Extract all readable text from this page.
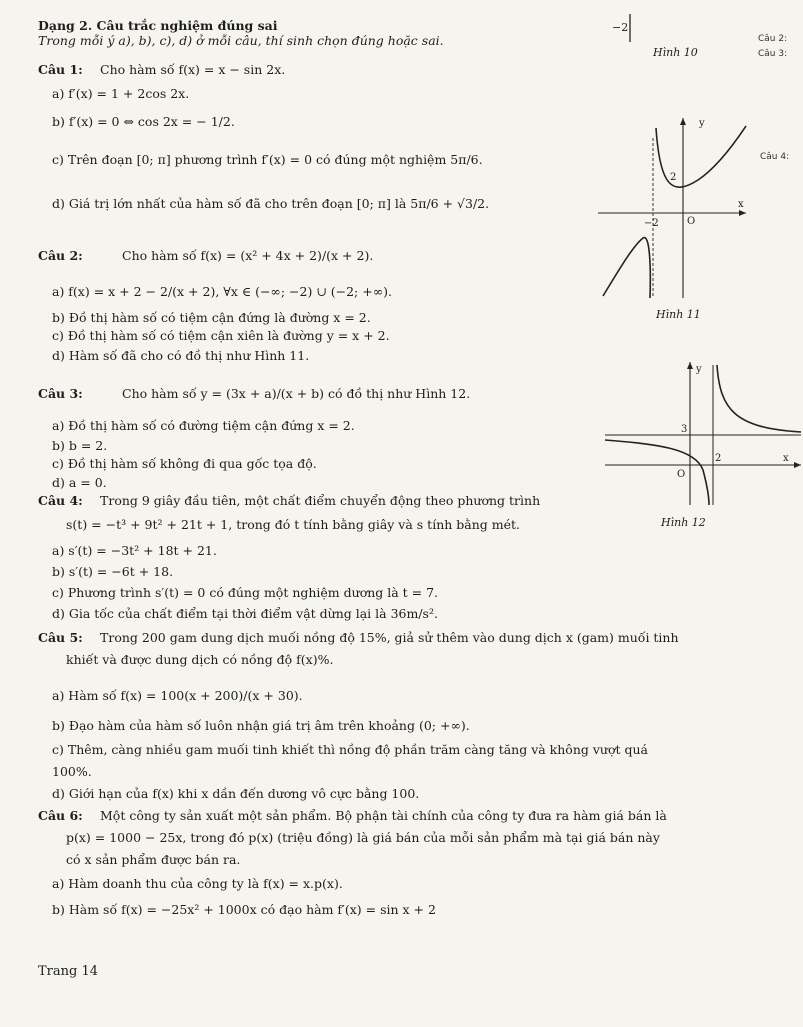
Dạng 2. Câu trắc nghiệm đúng sai
Trong mỗi ý a), b), c), d) ở mỗi câu, thí sinh chọn đúng hoặc sai.	Câu 2:
Câu 3:
Câu 4:
−2
Hình 10
Câu 1: Cho hàm số f(x) = x − sin 2x.
a) f′(x) = 1 + 2cos 2x.
b) f′(x) = 0 ⇔ cos 2x = − 1/2.
c) Trên đoạn [0; π] phương trình f′(x) = 0 có đúng một nghiệm 5π/6.
d) Giá trị lớn nhất của hàm số đã cho trên đoạn [0; π] là 5π/6 + √3/2.
y
2
−2	O
x
Hình 11
Câu 2:	Cho hàm số f(x) = (x² + 4x + 2)/(x + 2).
a) f(x) = x + 2 − 2/(x + 2), ∀x ∈ (−∞; −2) ∪ (−2; +∞).
b) Đồ thị hàm số có tiệm cận đứng là đường x = 2.
c) Đồ thị hàm số có tiệm cận xiên là đường y = x + 2.
d) Hàm số đã cho có đồ thị như Hình 11.
y
3
2	x
O
Hình 12
Câu 3:	Cho hàm số y = (3x + a)/(x + b) có đồ thị như Hình 12.
a) Đồ thị hàm số có đường tiệm cận đứng x = 2.
b) b = 2.
c) Đồ thị hàm số không đi qua gốc tọa độ.
d) a = 0.
Câu 4: Trong 9 giây đầu tiên, một chất điểm chuyển động theo phương trình
s(t) = −t³ + 9t² + 21t + 1, trong đó t tính bằng giây và s tính bằng mét.
a) s′(t) = −3t² + 18t + 21.
b) s′(t) = −6t + 18.
c) Phương trình s′(t) = 0 có đúng một nghiệm dương là t = 7.
d) Gia tốc của chất điểm tại thời điểm vật dừng lại là 36m/s².
Câu 5: Trong 200 gam dung dịch muối nồng độ 15%, giả sử thêm vào dung dịch x (gam) muối tinh
khiết và được dung dịch có nồng độ f(x)%.
a) Hàm số f(x) = 100(x + 200)/(x + 30).
b) Đạo hàm của hàm số luôn nhận giá trị âm trên khoảng (0; +∞).
c) Thêm, càng nhiều gam muối tinh khiết thì nồng độ phần trăm càng tăng và không vượt quá
100%.
d) Giới hạn của f(x) khi x dần đến dương vô cực bằng 100.
Câu 6: Một công ty sản xuất một sản phẩm. Bộ phận tài chính của công ty đưa ra hàm giá bán là
p(x) = 1000 − 25x, trong đó p(x) (triệu đồng) là giá bán của mỗi sản phẩm mà tại giá bán này
có x sản phẩm được bán ra.
a) Hàm doanh thu của công ty là f(x) = x.p(x).
b) Hàm số f(x) = −25x² + 1000x có đạo hàm f′(x) = sin x + 2
Trang 14
